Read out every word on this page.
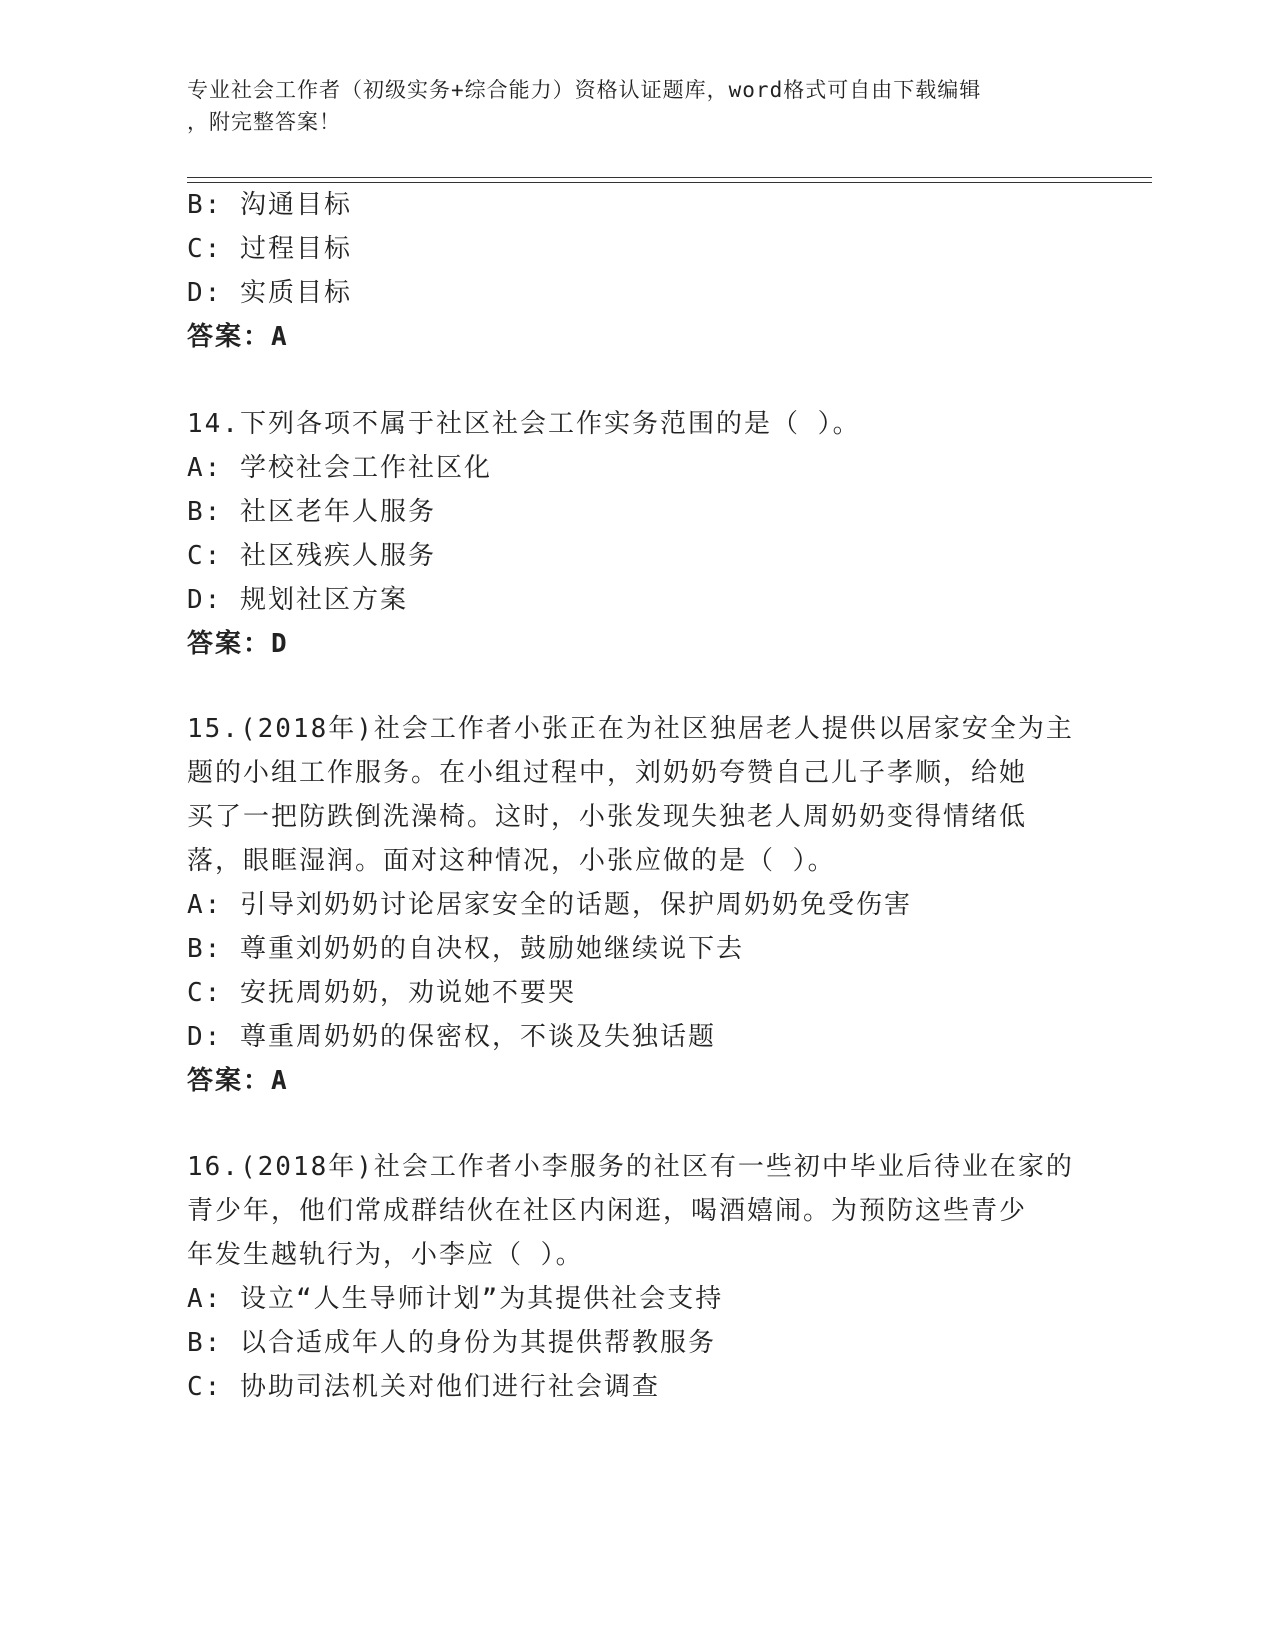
专业社会工作者（初级实务+综合能力）资格认证题库，word格式可自由下载编辑
，附完整答案！
B: 沟通目标
C: 过程目标
D: 实质目标
答案：A
14.下列各项不属于社区社会工作实务范围的是（ ）。
A: 学校社会工作社区化
B: 社区老年人服务
C: 社区残疾人服务
D: 规划社区方案
答案：D
15.(2018年)社会工作者小张正在为社区独居老人提供以居家安全为主
题的小组工作服务。在小组过程中，刘奶奶夸赞自己儿子孝顺，给她
买了一把防跌倒洗澡椅。这时，小张发现失独老人周奶奶变得情绪低
落，眼眶湿润。面对这种情况，小张应做的是（ ）。
A: 引导刘奶奶讨论居家安全的话题，保护周奶奶免受伤害
B: 尊重刘奶奶的自决权，鼓励她继续说下去
C: 安抚周奶奶，劝说她不要哭
D: 尊重周奶奶的保密权，不谈及失独话题
答案：A
16.(2018年)社会工作者小李服务的社区有一些初中毕业后待业在家的
青少年，他们常成群结伙在社区内闲逛，喝酒嬉闹。为预防这些青少
年发生越轨行为，小李应（ ）。
A: 设立“人生导师计划”为其提供社会支持
B: 以合适成年人的身份为其提供帮教服务
C: 协助司法机关对他们进行社会调查
